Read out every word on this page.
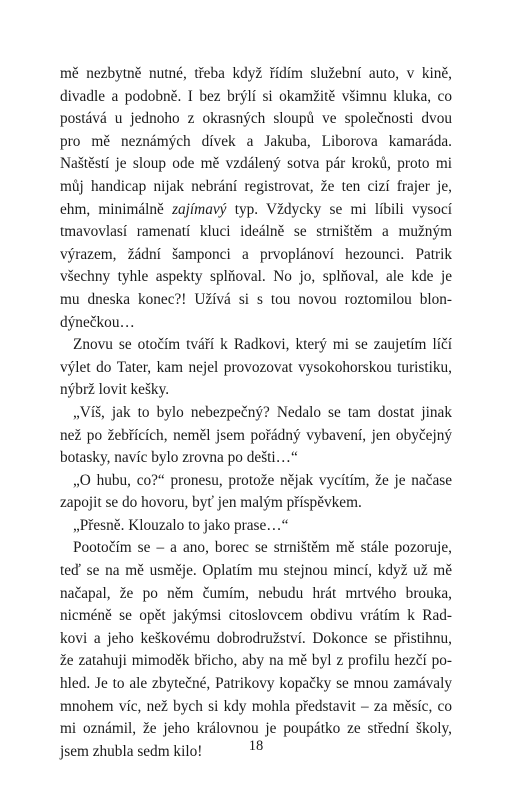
mě nezbytně nutné, třeba když řídím služební auto, v kině,
divadle a podobně. I bez brýlí si okamžitě všimnu kluka, co
postává u jednoho z okrasných sloupů ve společnosti dvou
pro mě neznámých dívek a Jakuba, Liborova kamaráda.
Naštěstí je sloup ode mě vzdálený sotva pár kroků, proto mi
můj handicap nijak nebrání registrovat, že ten cizí frajer je,
ehm, minimálně zajímavý typ. Vždycky se mi líbili vysocí
tmavovlasí ramenatí kluci ideálně se strništěm a mužným
výrazem, žádní šamponci a prvoplánoví hezounci. Patrik
všechny tyhle aspekty splňoval. No jo, splňoval, ale kde je
mu dneska konec?! Užívá si s tou novou roztomilou blon-
dýnečkou…
Znovu se otočím tváří k Radkovi, který mi se zaujetím líčí
výlet do Tater, kam nejel provozovat vysokohorskou turistiku,
nýbrž lovit kešky.
„Víš, jak to bylo nebezpečný? Nedalo se tam dostat jinak
než po žebřících, neměl jsem pořádný vybavení, jen obyčejný
botasky, navíc bylo zrovna po dešti…“
„O hubu, co?“ pronesu, protože nějak vycítím, že je načase
zapojit se do hovoru, byť jen malým příspěvkem.
„Přesně. Klouzalo to jako prase…“
Pootočím se – a ano, borec se strništěm mě stále pozoruje,
teď se na mě usměje. Oplatím mu stejnou mincí, když už mě
načapal, že po něm čumím, nebudu hrát mrtvého brouka,
nicméně se opět jakýmsi citoslovcem obdivu vrátím k Rad-
kovi a jeho keškovému dobrodružství. Dokonce se přistihnu,
že zatahuji mimoděk břicho, aby na mě byl z profilu hezčí po-
hled. Je to ale zbytečné, Patrikovy kopačky se mnou zamávaly
mnohem víc, než bych si kdy mohla představit – za měsíc, co
mi oznámil, že jeho královnou je poupátko ze střední školy,
jsem zhubla sedm kilo!	18
